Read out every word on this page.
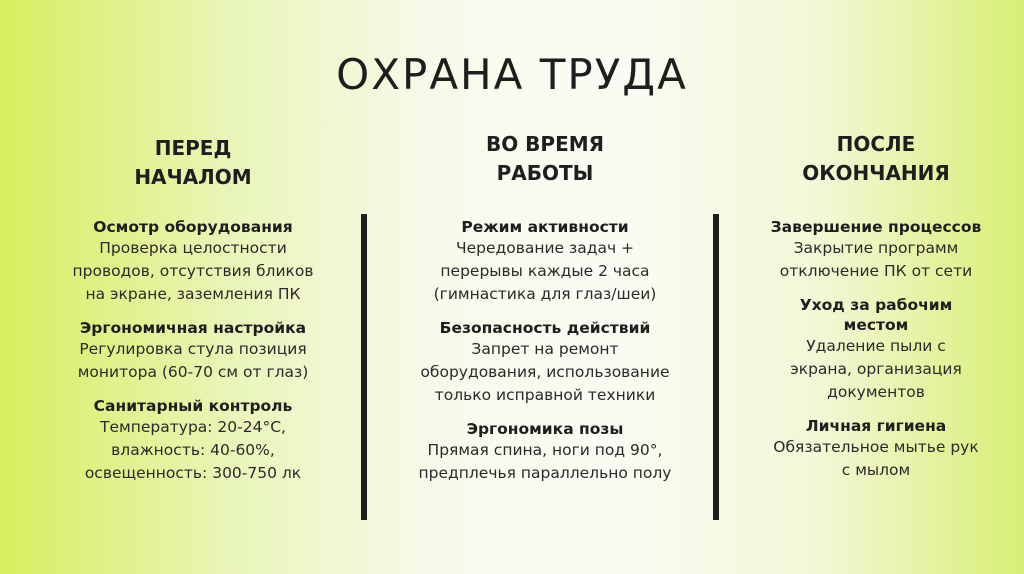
ОХРАНА ТРУДА
ПЕРЕД
НАЧАЛОМ
Осмотр оборудования
Проверка целостности
проводов, отсутствия бликов
на экране, заземления ПК
Эргономичная настройка
Регулировка стула позиция
монитора (60-70 см от глаз)
Санитарный контроль
Температура: 20-24°С,
влажность: 40-60%,
освещенность: 300-750 лк
ВО ВРЕМЯ
РАБОТЫ
Режим активности
Чередование задач +
перерывы каждые 2 часа
(гимнастика для глаз/шеи)
Безопасность действий
Запрет на ремонт
оборудования, использование
только исправной техники
Эргономика позы
Прямая спина, ноги под 90°,
предплечья параллельно полу
ПОСЛЕ
ОКОНЧАНИЯ
Завершение процессов
Закрытие программ
отключение ПК от сети
Уход за рабочим
местом
Удаление пыли с
экрана, организация
документов
Личная гигиена
Обязательное мытье рук
с мылом
